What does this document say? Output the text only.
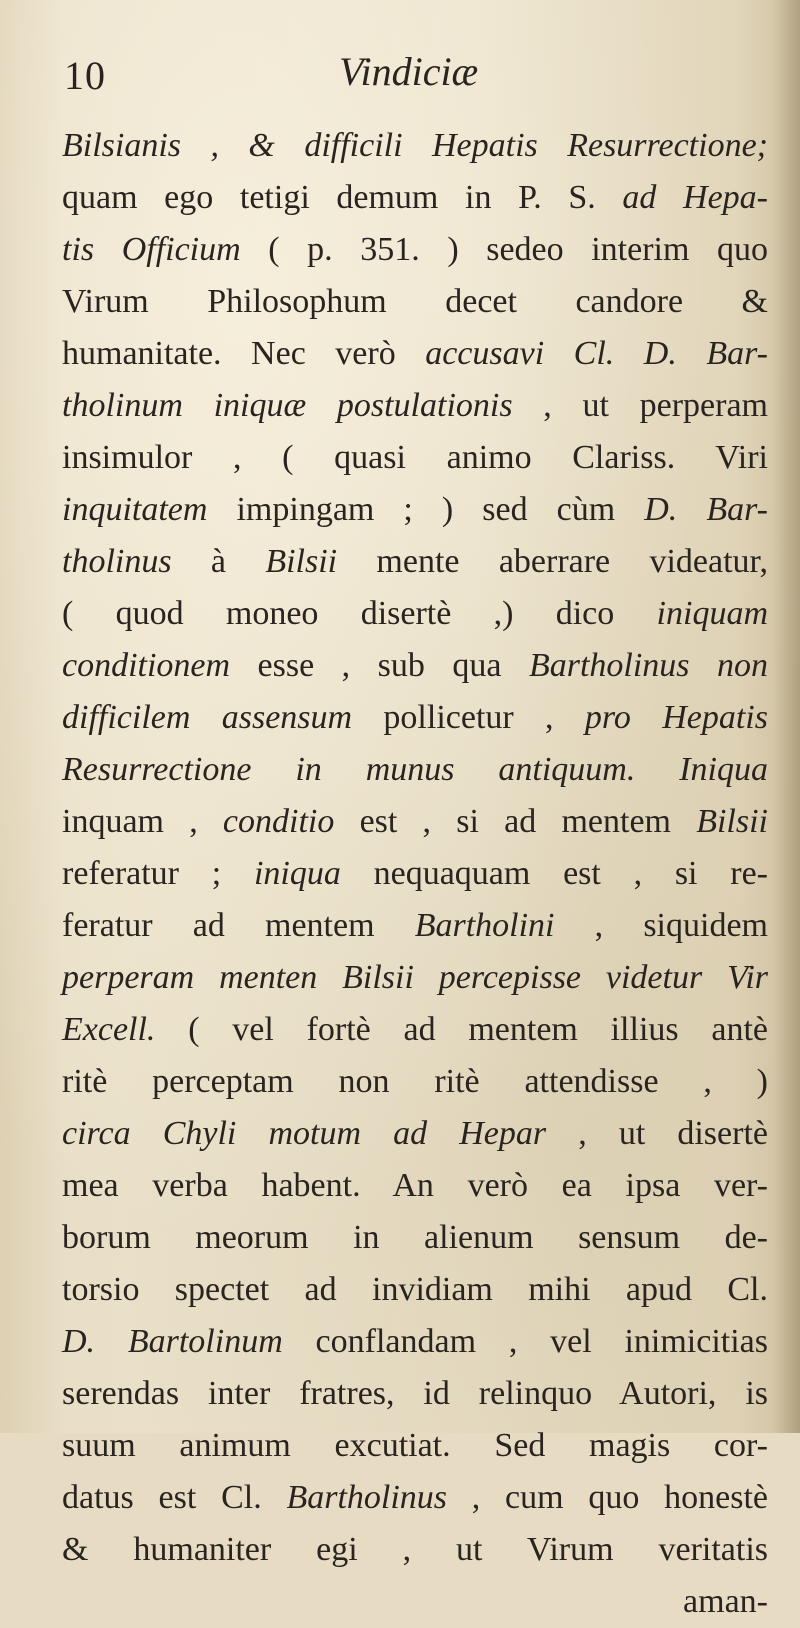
10	Vindiciæ
Bilsianis , & difficili Hepatis Resurrectione;
quam ego tetigi demum in P. S. ad Hepa-
tis Officium ( p. 351. ) sedeo interim quo
Virum Philosophum decet candore &
humanitate. Nec verò accusavi Cl. D. Bar-
tholinum iniquæ postulationis , ut perperam
insimulor , ( quasi animo Clariss. Viri
inquitatem impingam ; ) sed cùm D. Bar-
tholinus à Bilsii mente aberrare videatur,
( quod moneo disertè ,) dico iniquam
conditionem esse , sub qua Bartholinus non
difficilem assensum pollicetur , pro Hepatis
Resurrectione in munus antiquum. Iniqua
inquam , conditio est , si ad mentem Bilsii
referatur ; iniqua nequaquam est , si re-
feratur ad mentem Bartholini , siquidem
perperam menten Bilsii percepisse videtur Vir
Excell. ( vel fortè ad mentem illius antè
ritè perceptam non ritè attendisse , )
circa Chyli motum ad Hepar , ut disertè
mea verba habent. An verò ea ipsa ver-
borum meorum in alienum sensum de-
torsio spectet ad invidiam mihi apud Cl.
D. Bartolinum conflandam , vel inimicitias
serendas inter fratres, id relinquo Autori, is
suum animum excutiat. Sed magis cor-
datus est Cl. Bartholinus , cum quo honestè
& humaniter egi , ut Virum veritatis
aman-
